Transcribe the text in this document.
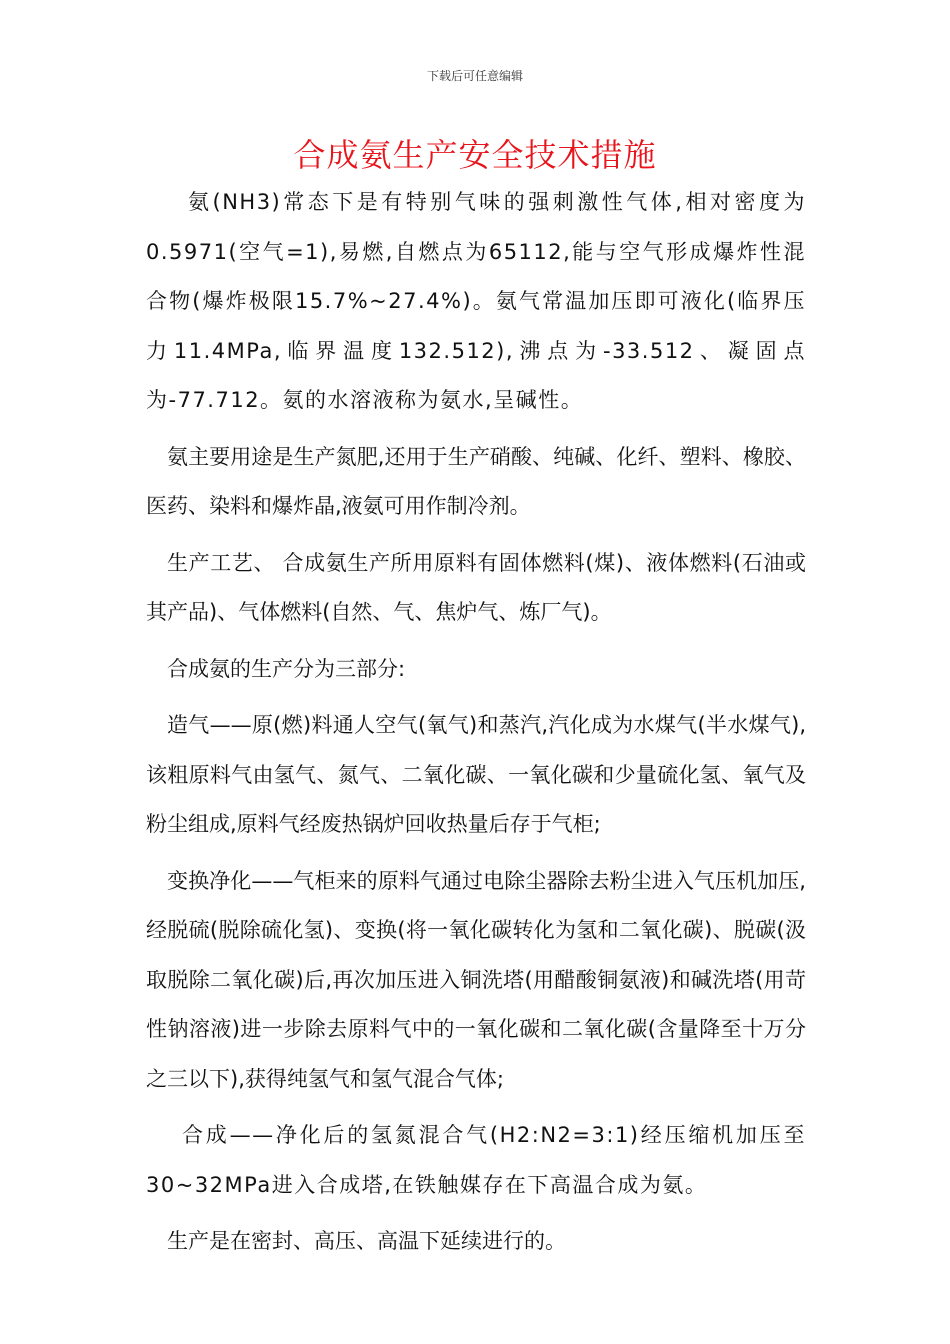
下载后可任意编辑
合成氨生产安全技术措施

氨(NH3)常态下是有特别气味的强刺激性气体,相对密度为0.5971(空气=1),易燃,自燃点为65112,能与空气形成爆炸性混合物(爆炸极限15.7%~27.4%)。氨气常温加压即可液化(临界压力11.4MPa,临界温度132.512),沸点为-33.512、凝固点为-77.712。氨的水溶液称为氨水,呈碱性。

氨主要用途是生产氮肥,还用于生产硝酸、纯碱、化纤、塑料、橡胶、医药、染料和爆炸晶,液氨可用作制冷剂。

生产工艺、 合成氨生产所用原料有固体燃料(煤)、液体燃料(石油或其产品)、气体燃料(自然、气、焦炉气、炼厂气)。

合成氨的生产分为三部分:

造气——原(燃)料通人空气(氧气)和蒸汽,汽化成为水煤气(半水煤气),该粗原料气由氢气、氮气、二氧化碳、一氧化碳和少量硫化氢、氧气及粉尘组成,原料气经废热锅炉回收热量后存于气柜;

变换净化——气柜来的原料气通过电除尘器除去粉尘进入气压机加压,经脱硫(脱除硫化氢)、变换(将一氧化碳转化为氢和二氧化碳)、脱碳(汲取脱除二氧化碳)后,再次加压进入铜洗塔(用醋酸铜氨液)和碱洗塔(用苛性钠溶液)进一步除去原料气中的一氧化碳和二氧化碳(含量降至十万分之三以下),获得纯氢气和氢气混合气体;

合成——净化后的氢氮混合气(H2:N2=3:1)经压缩机加压至30~32MPa进入合成塔,在铁触媒存在下高温合成为氨。

生产是在密封、高压、高温下延续进行的。
